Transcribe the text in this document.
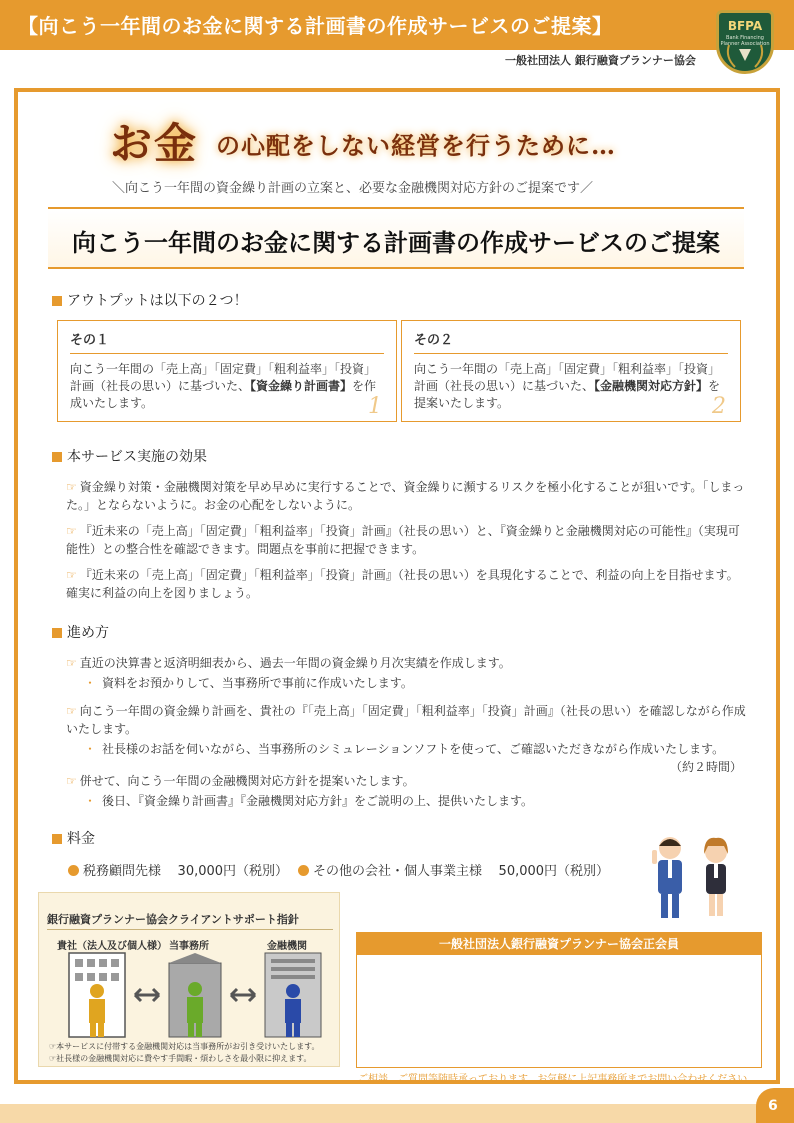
【向こう一年間のお金に関する計画書の作成サービスのご提案】	BFPA
Bank Financing Planner Association
一般社団法人 銀行融資プランナー協会
お金 の心配をしない経営を行うために…
＼向こう一年間の資金繰り計画の立案と、必要な金融機関対応方針のご提案です／
向こう一年間のお金に関する計画書の作成サービスのご提案
アウトプットは以下の２つ！
その１
向こう一年間の「売上高」「固定費」「粗利益率」「投資」計画（社長の思い）に基づいた、【資金繰り計画書】を作成いたします。	1
その２
向こう一年間の「売上高」「固定費」「粗利益率」「投資」計画（社長の思い）に基づいた、【金融機関対応方針】を提案いたします。	2
本サービス実施の効果
☞ 資金繰り対策・金融機関対策を早め早めに実行することで、資金繰りに瀕するリスクを極小化することが狙いです。「しまった。」とならないように。お金の心配をしないように。
☞ 『近未来の「売上高」「固定費」「粗利益率」「投資」計画』（社長の思い）と、『資金繰りと金融機関対応の可能性』（実現可能性）との整合性を確認できます。問題点を事前に把握できます。
☞ 『近未来の「売上高」「固定費」「粗利益率」「投資」計画』（社長の思い）を具現化することで、利益の向上を目指せます。確実に利益の向上を図りましょう。
進め方
☞ 直近の決算書と返済明細表から、過去一年間の資金繰り月次実績を作成します。
・ 資料をお預かりして、当事務所で事前に作成いたします。
☞ 向こう一年間の資金繰り計画を、貴社の『「売上高」「固定費」「粗利益率」「投資」計画』（社長の思い）を確認しながら作成いたします。
・ 社長様のお話を伺いながら、当事務所のシミュレーションソフトを使って、ご確認いただきながら作成いたします。
（約２時間）
☞ 併せて、向こう一年間の金融機関対応方針を提案いたします。
・ 後日、『資金繰り計画書』『金融機関対応方針』をご説明の上、提供いたします。
料金
税務顧問先様 30,000円（税別）	その他の会社・個人事業主様 50,000円（税別）
銀行融資プランナー協会クライアントサポート指針
貴社（法人及び個人様） 当事務所	金融機関
☞本サービスに付帯する金融機関対応は当事務所がお引き受けいたします。
☞社長様の金融機関対応に費やす手間暇・煩わしさを最小限に抑えます。
一般社団法人銀行融資プランナー協会正会員
ご相談、ご質問等随時承っております。お気軽に上記事務所までお問い合わせください。
6
